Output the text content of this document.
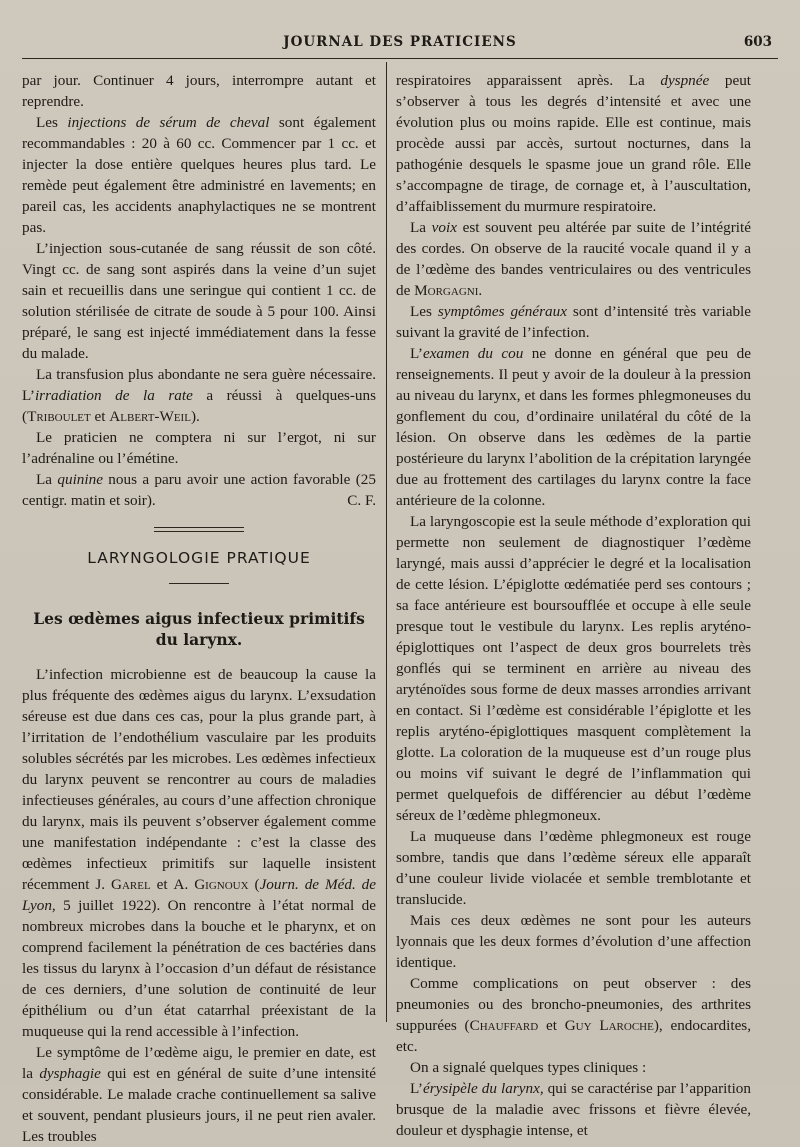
JOURNAL DES PRATICIENS	603

par jour. Continuer 4 jours, interrompre autant et reprendre.

Les injections de sérum de cheval sont également recommandables : 20 à 60 cc. Commencer par 1 cc. et injecter la dose entière quelques heures plus tard. Le remède peut également être administré en lavements; en pareil cas, les accidents anaphylactiques ne se montrent pas.

L’injection sous-cutanée de sang réussit de son côté. Vingt cc. de sang sont aspirés dans la veine d’un sujet sain et recueillis dans une seringue qui contient 1 cc. de solution stérilisée de citrate de soude à 5 pour 100. Ainsi préparé, le sang est injecté immédiatement dans la fesse du malade.

La transfusion plus abondante ne sera guère nécessaire. L’irradiation de la rate a réussi à quelques-uns (Triboulet et Albert-Weil).

Le praticien ne comptera ni sur l’ergot, ni sur l’adrénaline ou l’émétine.

La quinine nous a paru avoir une action favorable (25 centigr. matin et soir).	C. F.

LARYNGOLOGIE PRATIQUE
Les œdèmes aigus infectieux primitifs du larynx.

L’infection microbienne est de beaucoup la cause la plus fréquente des œdèmes aigus du larynx. L’exsudation séreuse est due dans ces cas, pour la plus grande part, à l’irritation de l’endothélium vasculaire par les produits solubles sécrétés par les microbes. Les œdèmes infectieux du larynx peuvent se rencontrer au cours de maladies infectieuses générales, au cours d’une affection chronique du larynx, mais ils peuvent s’observer également comme une manifestation indépendante : c’est la classe des œdèmes infectieux primitifs sur laquelle insistent récemment J. Garel et A. Gignoux (Journ. de Méd. de Lyon, 5 juillet 1922). On rencontre à l’état normal de nombreux microbes dans la bouche et le pharynx, et on comprend facilement la pénétration de ces bactéries dans les tissus du larynx à l’occasion d’un défaut de résistance de ces derniers, d’une solution de continuité de leur épithélium ou d’un état catarrhal préexistant de la muqueuse qui la rend accessible à l’infection.

Le symptôme de l’œdème aigu, le premier en date, est la dysphagie qui est en général de suite d’une intensité considérable. Le malade crache continuellement sa salive et souvent, pendant plusieurs jours, il ne peut rien avaler. Les troubles

respiratoires apparaissent après. La dyspnée peut s’observer à tous les degrés d’intensité et avec une évolution plus ou moins rapide. Elle est continue, mais procède aussi par accès, surtout nocturnes, dans la pathogénie desquels le spasme joue un grand rôle. Elle s’accompagne de tirage, de cornage et, à l’auscultation, d’affaiblissement du murmure respiratoire.

La voix est souvent peu altérée par suite de l’intégrité des cordes. On observe de la raucité vocale quand il y a de l’œdème des bandes ventriculaires ou des ventricules de Morgagni.

Les symptômes généraux sont d’intensité très variable suivant la gravité de l’infection.

L’examen du cou ne donne en général que peu de renseignements. Il peut y avoir de la douleur à la pression au niveau du larynx, et dans les formes phlegmoneuses du gonflement du cou, d’ordinaire unilatéral du côté de la lésion. On observe dans les œdèmes de la partie postérieure du larynx l’abolition de la crépitation laryngée due au frottement des cartilages du larynx contre la face antérieure de la colonne.

La laryngoscopie est la seule méthode d’exploration qui permette non seulement de diagnostiquer l’œdème laryngé, mais aussi d’apprécier le degré et la localisation de cette lésion. L’épiglotte œdématiée perd ses contours ; sa face antérieure est boursoufflée et occupe à elle seule presque tout le vestibule du larynx. Les replis aryténo-épiglottiques ont l’aspect de deux gros bourrelets très gonflés qui se terminent en arrière au niveau des aryténoïdes sous forme de deux masses arrondies arrivant en contact. Si l’œdème est considérable l’épiglotte et les replis aryténo-épiglottiques masquent complètement la glotte. La coloration de la muqueuse est d’un rouge plus ou moins vif suivant le degré de l’inflammation qui permet quelquefois de différencier au début l’œdème séreux de l’œdème phlegmoneux.

La muqueuse dans l’œdème phlegmoneux est rouge sombre, tandis que dans l’œdème séreux elle apparaît d’une couleur livide violacée et semble tremblotante et translucide.

Mais ces deux œdèmes ne sont pour les auteurs lyonnais que les deux formes d’évolution d’une affection identique.

Comme complications on peut observer : des pneumonies ou des broncho-pneumonies, des arthrites suppurées (Chauffard et Guy Laroche), endocardites, etc.

On a signalé quelques types cliniques :

L’érysipèle du larynx, qui se caractérise par l’apparition brusque de la maladie avec frissons et fièvre élevée, douleur et dysphagie intense, et
